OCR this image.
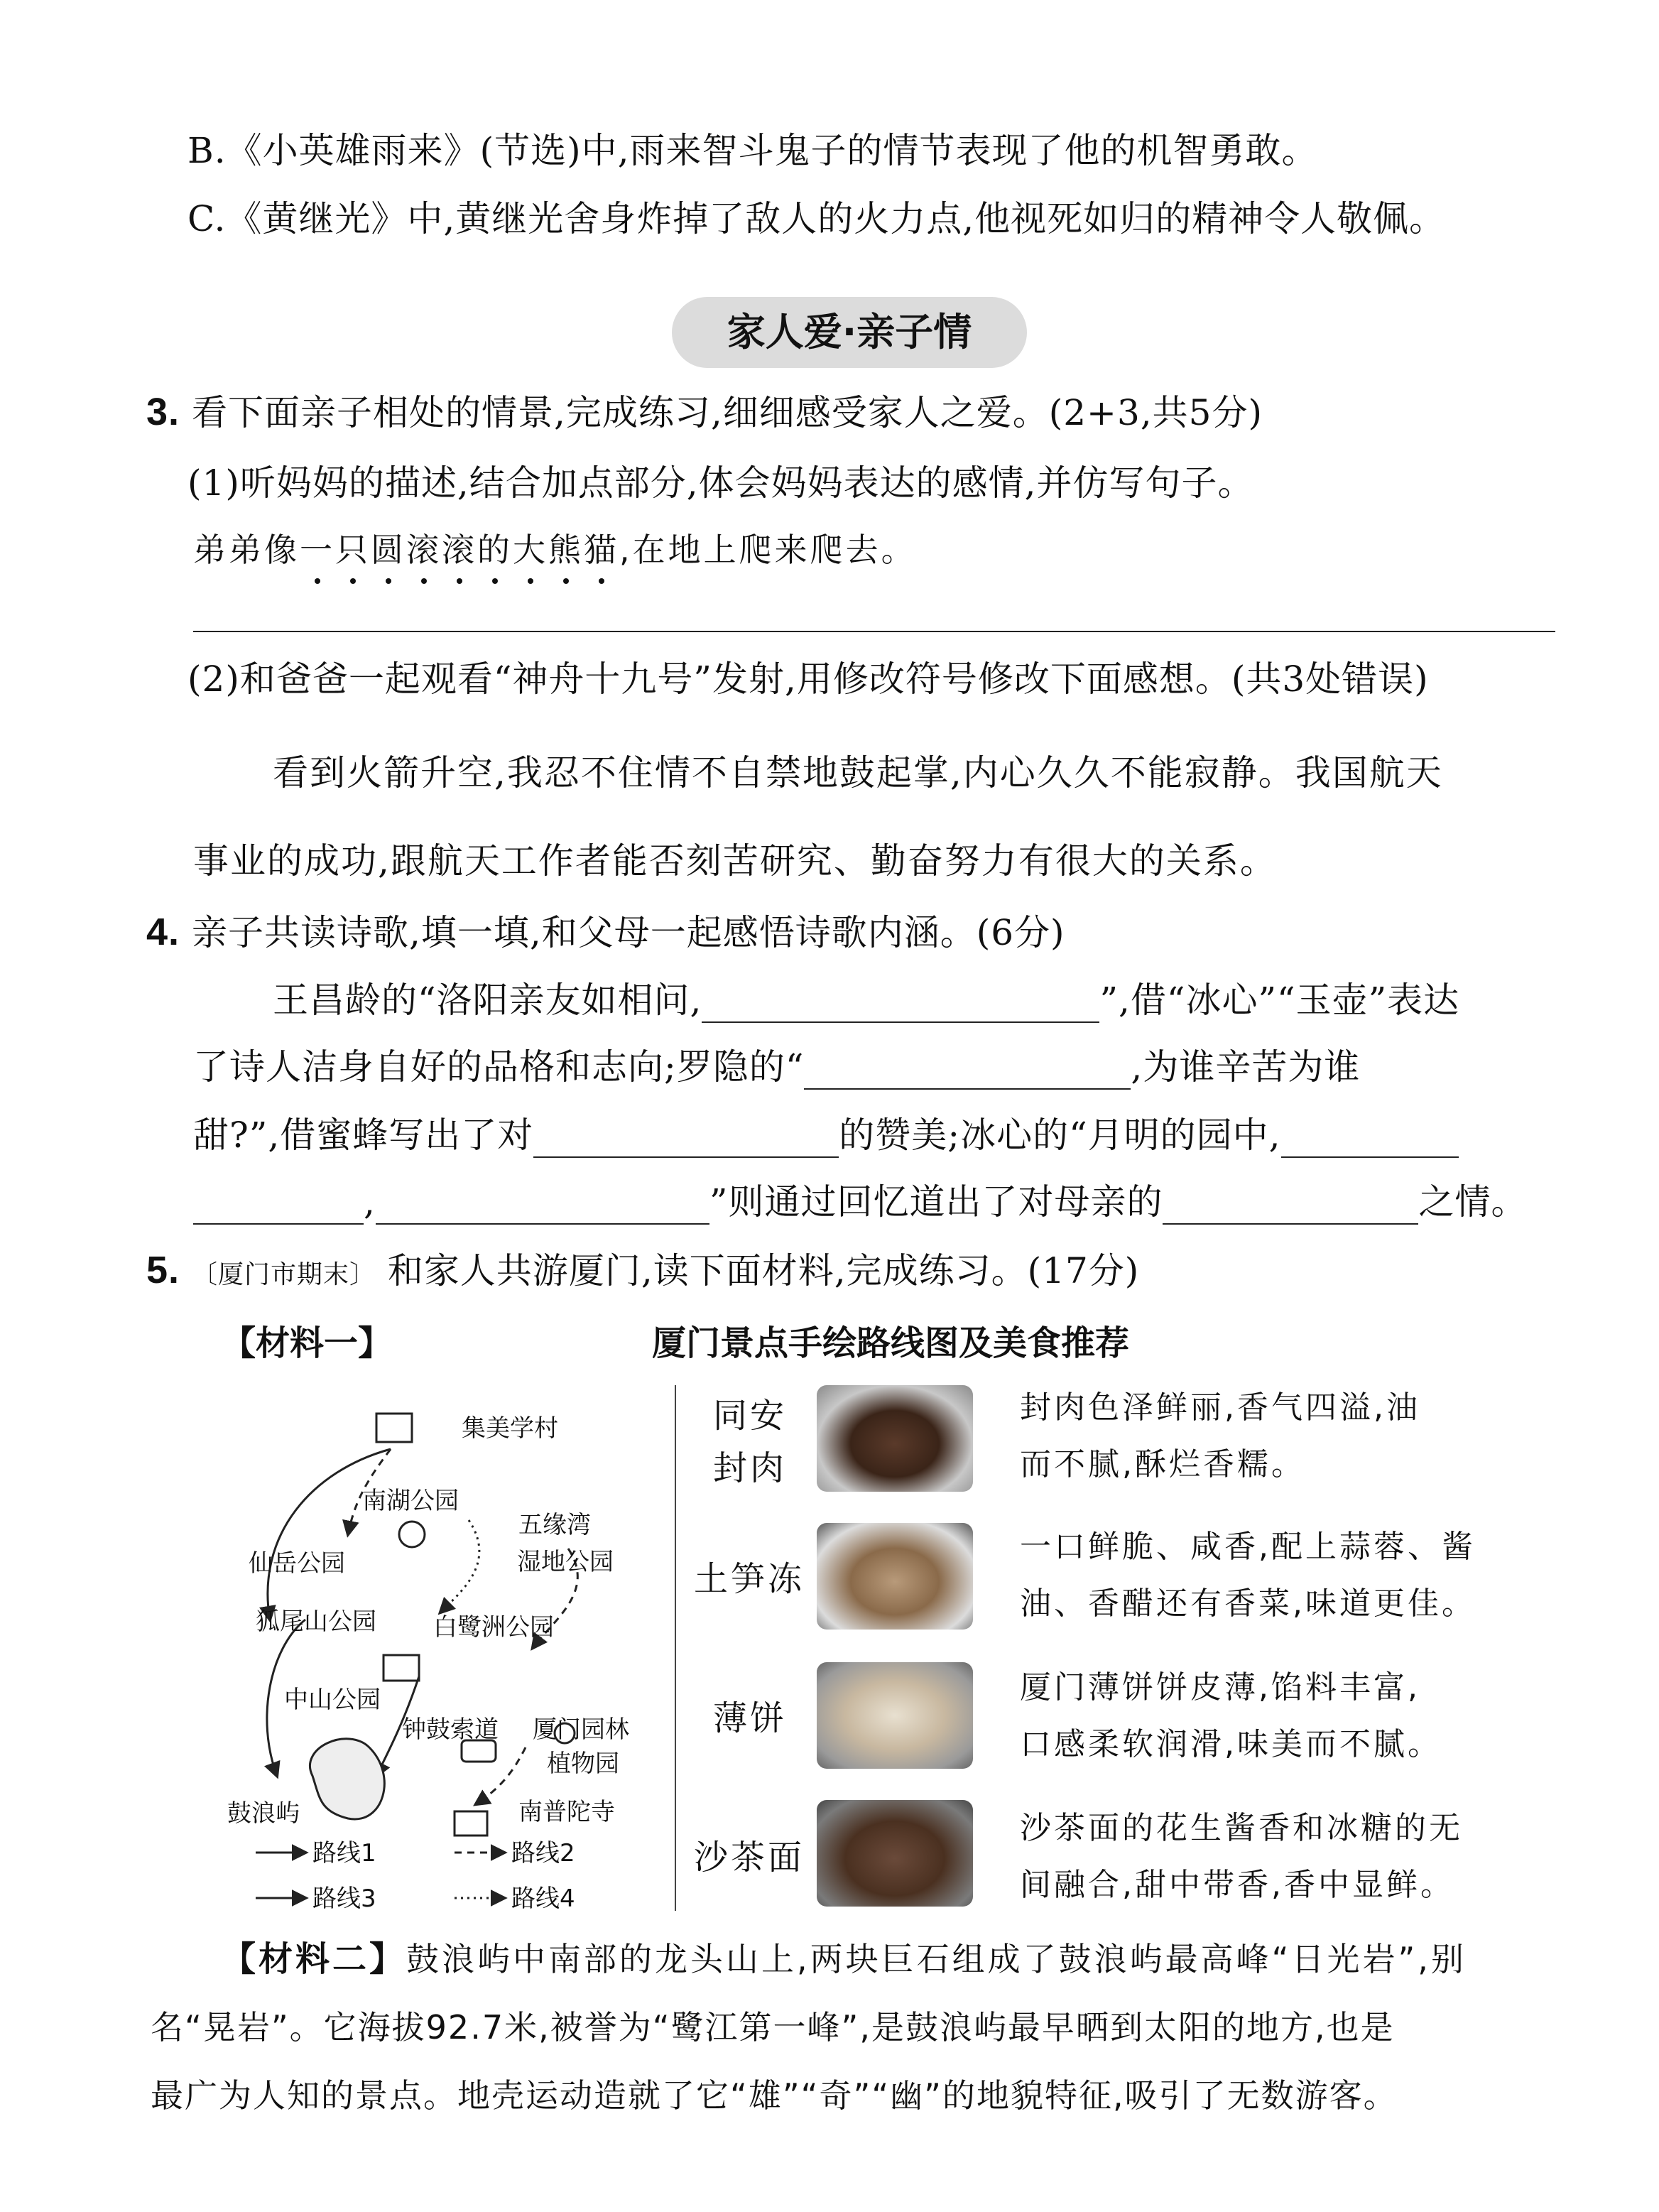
B.《小英雄雨来》(节选)中,雨来智斗鬼子的情节表现了他的机智勇敢。
C.《黄继光》中,黄继光舍身炸掉了敌人的火力点,他视死如归的精神令人敬佩。
家人爱·亲子情
3. 看下面亲子相处的情景,完成练习,细细感受家人之爱。(2+3,共5分)
(1)听妈妈的描述,结合加点部分,体会妈妈表达的感情,并仿写句子。
弟弟像一只圆滚滚的大熊猫,在地上爬来爬去。
(2)和爸爸一起观看“神舟十九号”发射,用修改符号修改下面感想。(共3处错误)
看到火箭升空,我忍不住情不自禁地鼓起掌,内心久久不能寂静。我国航天
事业的成功,跟航天工作者能否刻苦研究、勤奋努力有很大的关系。
4. 亲子共读诗歌,填一填,和父母一起感悟诗歌内涵。(6分)
王昌龄的“洛阳亲友如相问,	”,借“冰心”“玉壶”表达
了诗人洁身自好的品格和志向;罗隐的“	,为谁辛苦为谁
甜?”,借蜜蜂写出了对	的赞美;冰心的“月明的园中,
,	”则通过回忆道出了对母亲的	之情。
5. 〔厦门市期末〕 和家人共游厦门,读下面材料,完成练习。(17分)
【材料一】	厦门景点手绘路线图及美食推荐
集美学村
南湖公园
五缘湾
湿地公园
仙岳公园
狐尾山公园 白鹭洲公园
中山公园
钟鼓索道 厦门园林
植物园
鼓浪屿	南普陀寺
路线1	路线2
路线3	路线4
同安
封肉
封肉色泽鲜丽,香气四溢,油
而不腻,酥烂香糯。
土笋冻
一口鲜脆、咸香,配上蒜蓉、酱
油、香醋还有香菜,味道更佳。
薄饼
厦门薄饼饼皮薄,馅料丰富,
口感柔软润滑,味美而不腻。
沙茶面
沙茶面的花生酱香和冰糖的无
间融合,甜中带香,香中显鲜。
【材料二】鼓浪屿中南部的龙头山上,两块巨石组成了鼓浪屿最高峰“日光岩”,别
名“晃岩”。它海拔92.7米,被誉为“鹭江第一峰”,是鼓浪屿最早晒到太阳的地方,也是
最广为人知的景点。地壳运动造就了它“雄”“奇”“幽”的地貌特征,吸引了无数游客。
